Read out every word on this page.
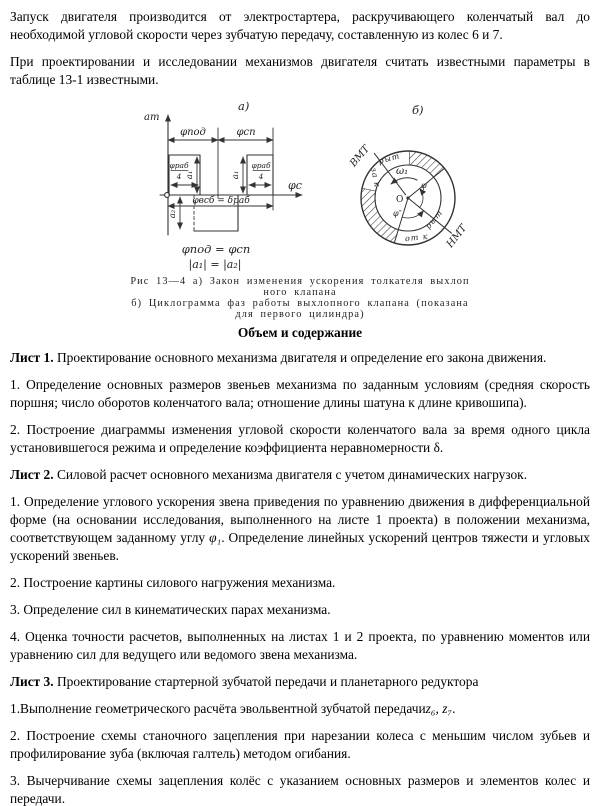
Запуск двигателя производится от электростартера, раскручивающего коленчатый вал до необходимой угловой скорости через зубчатую передачу, составленную из колес 6 и 7.

При проектировании и исследовании механизмов двигателя считать известными параметры в таблице 13-1 известными.

а)
aт
φc
φпод	φсп
φраб
4 a₁
φраб
4
a₁
φвсб = δраб
a₂
φпод = φсп
|a₁| = |a₂|
б)
ВМТ
НМТ
ω₁
О
φ′
φ″
рыт
за к
от к
рыт
Рис 13—4 а) Закон изменения ускорения толкателя выхлоп
ного клапана
б) Циклограмма фаз работы выхлопного клапана (показана
для первого цилиндра)

Объем и содержание

Лист 1. Проектирование основного механизма двигателя и определение его закона движения.

1. Определение основных размеров звеньев механизма по заданным условиям (средняя скорость поршня; число оборотов коленчатого вала; отношение длины шатуна к длине кривошипа).

2. Построение диаграммы изменения угловой скорости коленчатого вала за время одного цикла установившегося режима и определение коэффициента неравномерности δ.

Лист 2. Силовой расчет основного механизма двигателя с учетом динамических нагрузок.

1. Определение углового ускорения звена приведения по уравнению движения в дифференциальной форме (на основании исследования, выполненного на листе 1 проекта) в положении механизма, соответствующем заданному углу φ₁. Определение линейных ускорений центров тяжести и угловых ускорений звеньев.

2. Построение картины силового нагружения механизма.

3. Определение сил в кинематических парах механизма.

4. Оценка точности расчетов, выполненных на листах 1 и 2 проекта, по уравнению моментов или уравнению сил для ведущего или ведомого звена механизма.

Лист 3. Проектирование стартерной зубчатой передачи и планетарного редуктора

1.Выполнение геометрического расчёта эвольвентной зубчатой передачиz₆, z₇.

2. Построение схемы станочного зацепления при нарезании колеса с меньшим числом зубьев и профилирование зуба (включая галтель) методом огибания.

3. Вычерчивание схемы зацепления колёс с указанием основных размеров и элементов колес и передачи.
